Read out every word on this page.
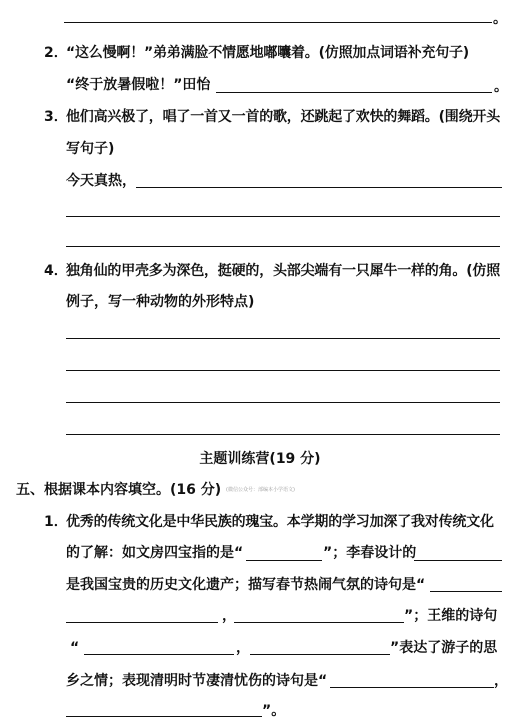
。
2．
“这么慢啊！”弟弟满脸不情愿地嘟囔着。(仿照加点词语补充句子)
“终于放暑假啦！”田怡	。
3．
他们高兴极了，唱了一首又一首的歌，还跳起了欢快的舞蹈。(围绕开头
写句子)
今天真热，
4．
独角仙的甲壳多为深色，挺硬的，头部尖端有一只犀牛一样的角。(仿照
例子，写一种动物的外形特点)
主题训练营(19 分)
五、根据课本内容填空。(16 分) (微信公众号：部编本小学语文)
1．
优秀的传统文化是中华民族的瑰宝。本学期的学习加深了我对传统文化
的了解：如文房四宝指的是“	”；李春设计的
是我国宝贵的历史文化遗产；描写春节热闹气氛的诗句是“
，	”；王维的诗句
“	，	”表达了游子的思
乡之情；表现清明时节凄清忧伤的诗句是“	，
”。
